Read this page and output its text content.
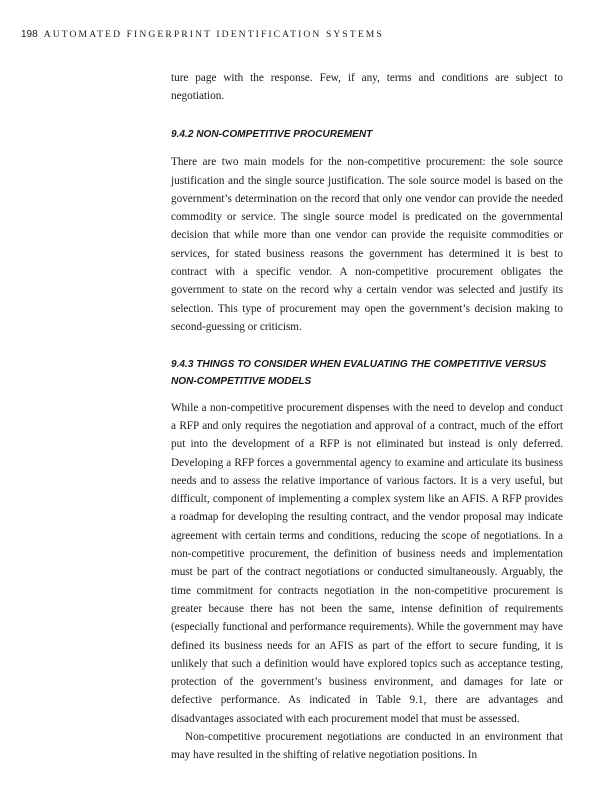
198 AUTOMATED FINGERPRINT IDENTIFICATION SYSTEMS

ture page with the response. Few, if any, terms and conditions are subject to negotiation.

9.4.2 NON-COMPETITIVE PROCUREMENT

There are two main models for the non-competitive procurement: the sole source justification and the single source justification. The sole source model is based on the government’s determination on the record that only one vendor can provide the needed commodity or service. The single source model is predicated on the governmental decision that while more than one vendor can provide the requisite commodities or services, for stated business reasons the government has determined it is best to contract with a specific vendor. A non-competitive procurement obligates the government to state on the record why a certain vendor was selected and justify its selection. This type of procurement may open the government’s decision making to second-guessing or criticism.

9.4.3 THINGS TO CONSIDER WHEN EVALUATING THE COMPETITIVE VERSUS NON-COMPETITIVE MODELS

While a non-competitive procurement dispenses with the need to develop and conduct a RFP and only requires the negotiation and approval of a contract, much of the effort put into the development of a RFP is not eliminated but instead is only deferred. Developing a RFP forces a governmental agency to examine and articulate its business needs and to assess the relative importance of various factors. It is a very useful, but difficult, component of implementing a complex system like an AFIS. A RFP provides a roadmap for developing the resulting contract, and the vendor proposal may indicate agreement with certain terms and conditions, reducing the scope of negotiations. In a non-competitive procurement, the definition of business needs and implementation must be part of the contract negotiations or conducted simultaneously. Arguably, the time commitment for contracts negotiation in the non-competitive procurement is greater because there has not been the same, intense definition of requirements (especially functional and performance requirements). While the government may have defined its business needs for an AFIS as part of the effort to secure funding, it is unlikely that such a definition would have explored topics such as acceptance testing, protection of the government’s business environment, and damages for late or defective performance. As indicated in Table 9.1, there are advantages and disadvantages associated with each procurement model that must be assessed.

Non-competitive procurement negotiations are conducted in an environment that may have resulted in the shifting of relative negotiation positions. In
